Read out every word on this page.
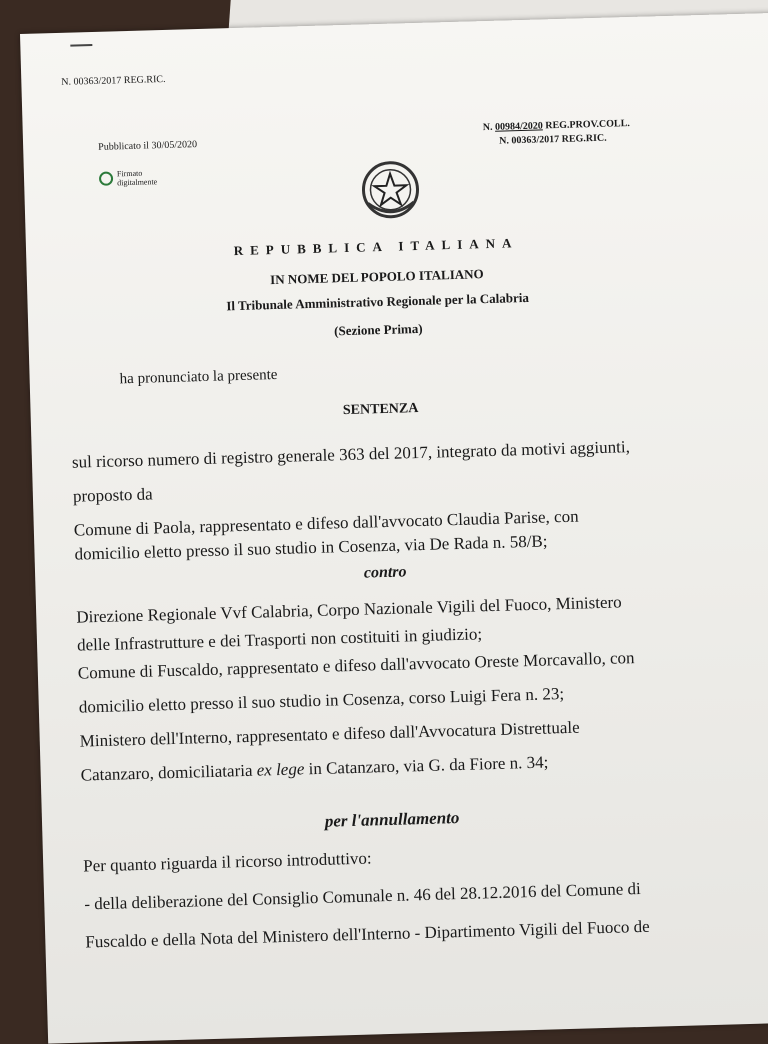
N. 00363/2017 REG.RIC.
Pubblicato il 30/05/2020
N. 00984/2020 REG.PROV.COLL.
N. 00363/2017 REG.RIC.
Firmato
digitalmente
REPUBBLICA ITALIANA
IN NOME DEL POPOLO ITALIANO
Il Tribunale Amministrativo Regionale per la Calabria
(Sezione Prima)
ha pronunciato la presente
SENTENZA
sul ricorso numero di registro generale 363 del 2017, integrato da motivi aggiunti,
proposto da
Comune di Paola, rappresentato e difeso dall'avvocato Claudia Parise, con
domicilio eletto presso il suo studio in Cosenza, via De Rada n. 58/B;
contro
Direzione Regionale Vvf Calabria, Corpo Nazionale Vigili del Fuoco, Ministero
delle Infrastrutture e dei Trasporti non costituiti in giudizio;
Comune di Fuscaldo, rappresentato e difeso dall'avvocato Oreste Morcavallo, con
domicilio eletto presso il suo studio in Cosenza, corso Luigi Fera n. 23;
Ministero dell'Interno, rappresentato e difeso dall'Avvocatura Distrettuale
Catanzaro, domiciliataria ex lege in Catanzaro, via G. da Fiore n. 34;
per l'annullamento
Per quanto riguarda il ricorso introduttivo:
- della deliberazione del Consiglio Comunale n. 46 del 28.12.2016 del Comune di
Fuscaldo e della Nota del Ministero dell'Interno - Dipartimento Vigili del Fuoco de
